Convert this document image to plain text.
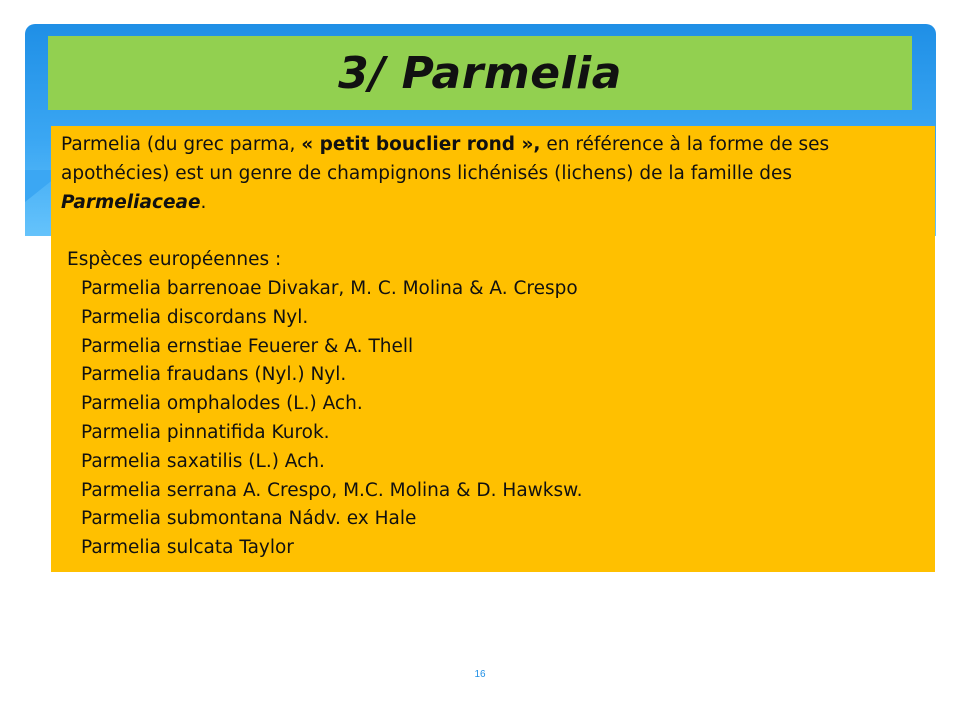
3/ Parmelia

Parmelia (du grec parma, « petit bouclier rond », en référence à la forme de ses apothécies) est un genre de champignons lichénisés (lichens) de la famille des Parmeliaceae.

Espèces européennes :

Parmelia barrenoae Divakar, M. C. Molina & A. Crespo
Parmelia discordans Nyl.
Parmelia ernstiae Feuerer & A. Thell
Parmelia fraudans (Nyl.) Nyl.
Parmelia omphalodes (L.) Ach.
Parmelia pinnatifida Kurok.
Parmelia saxatilis (L.) Ach.
Parmelia serrana A. Crespo, M.C. Molina & D. Hawksw.
Parmelia submontana Nádv. ex Hale
Parmelia sulcata Taylor
16
